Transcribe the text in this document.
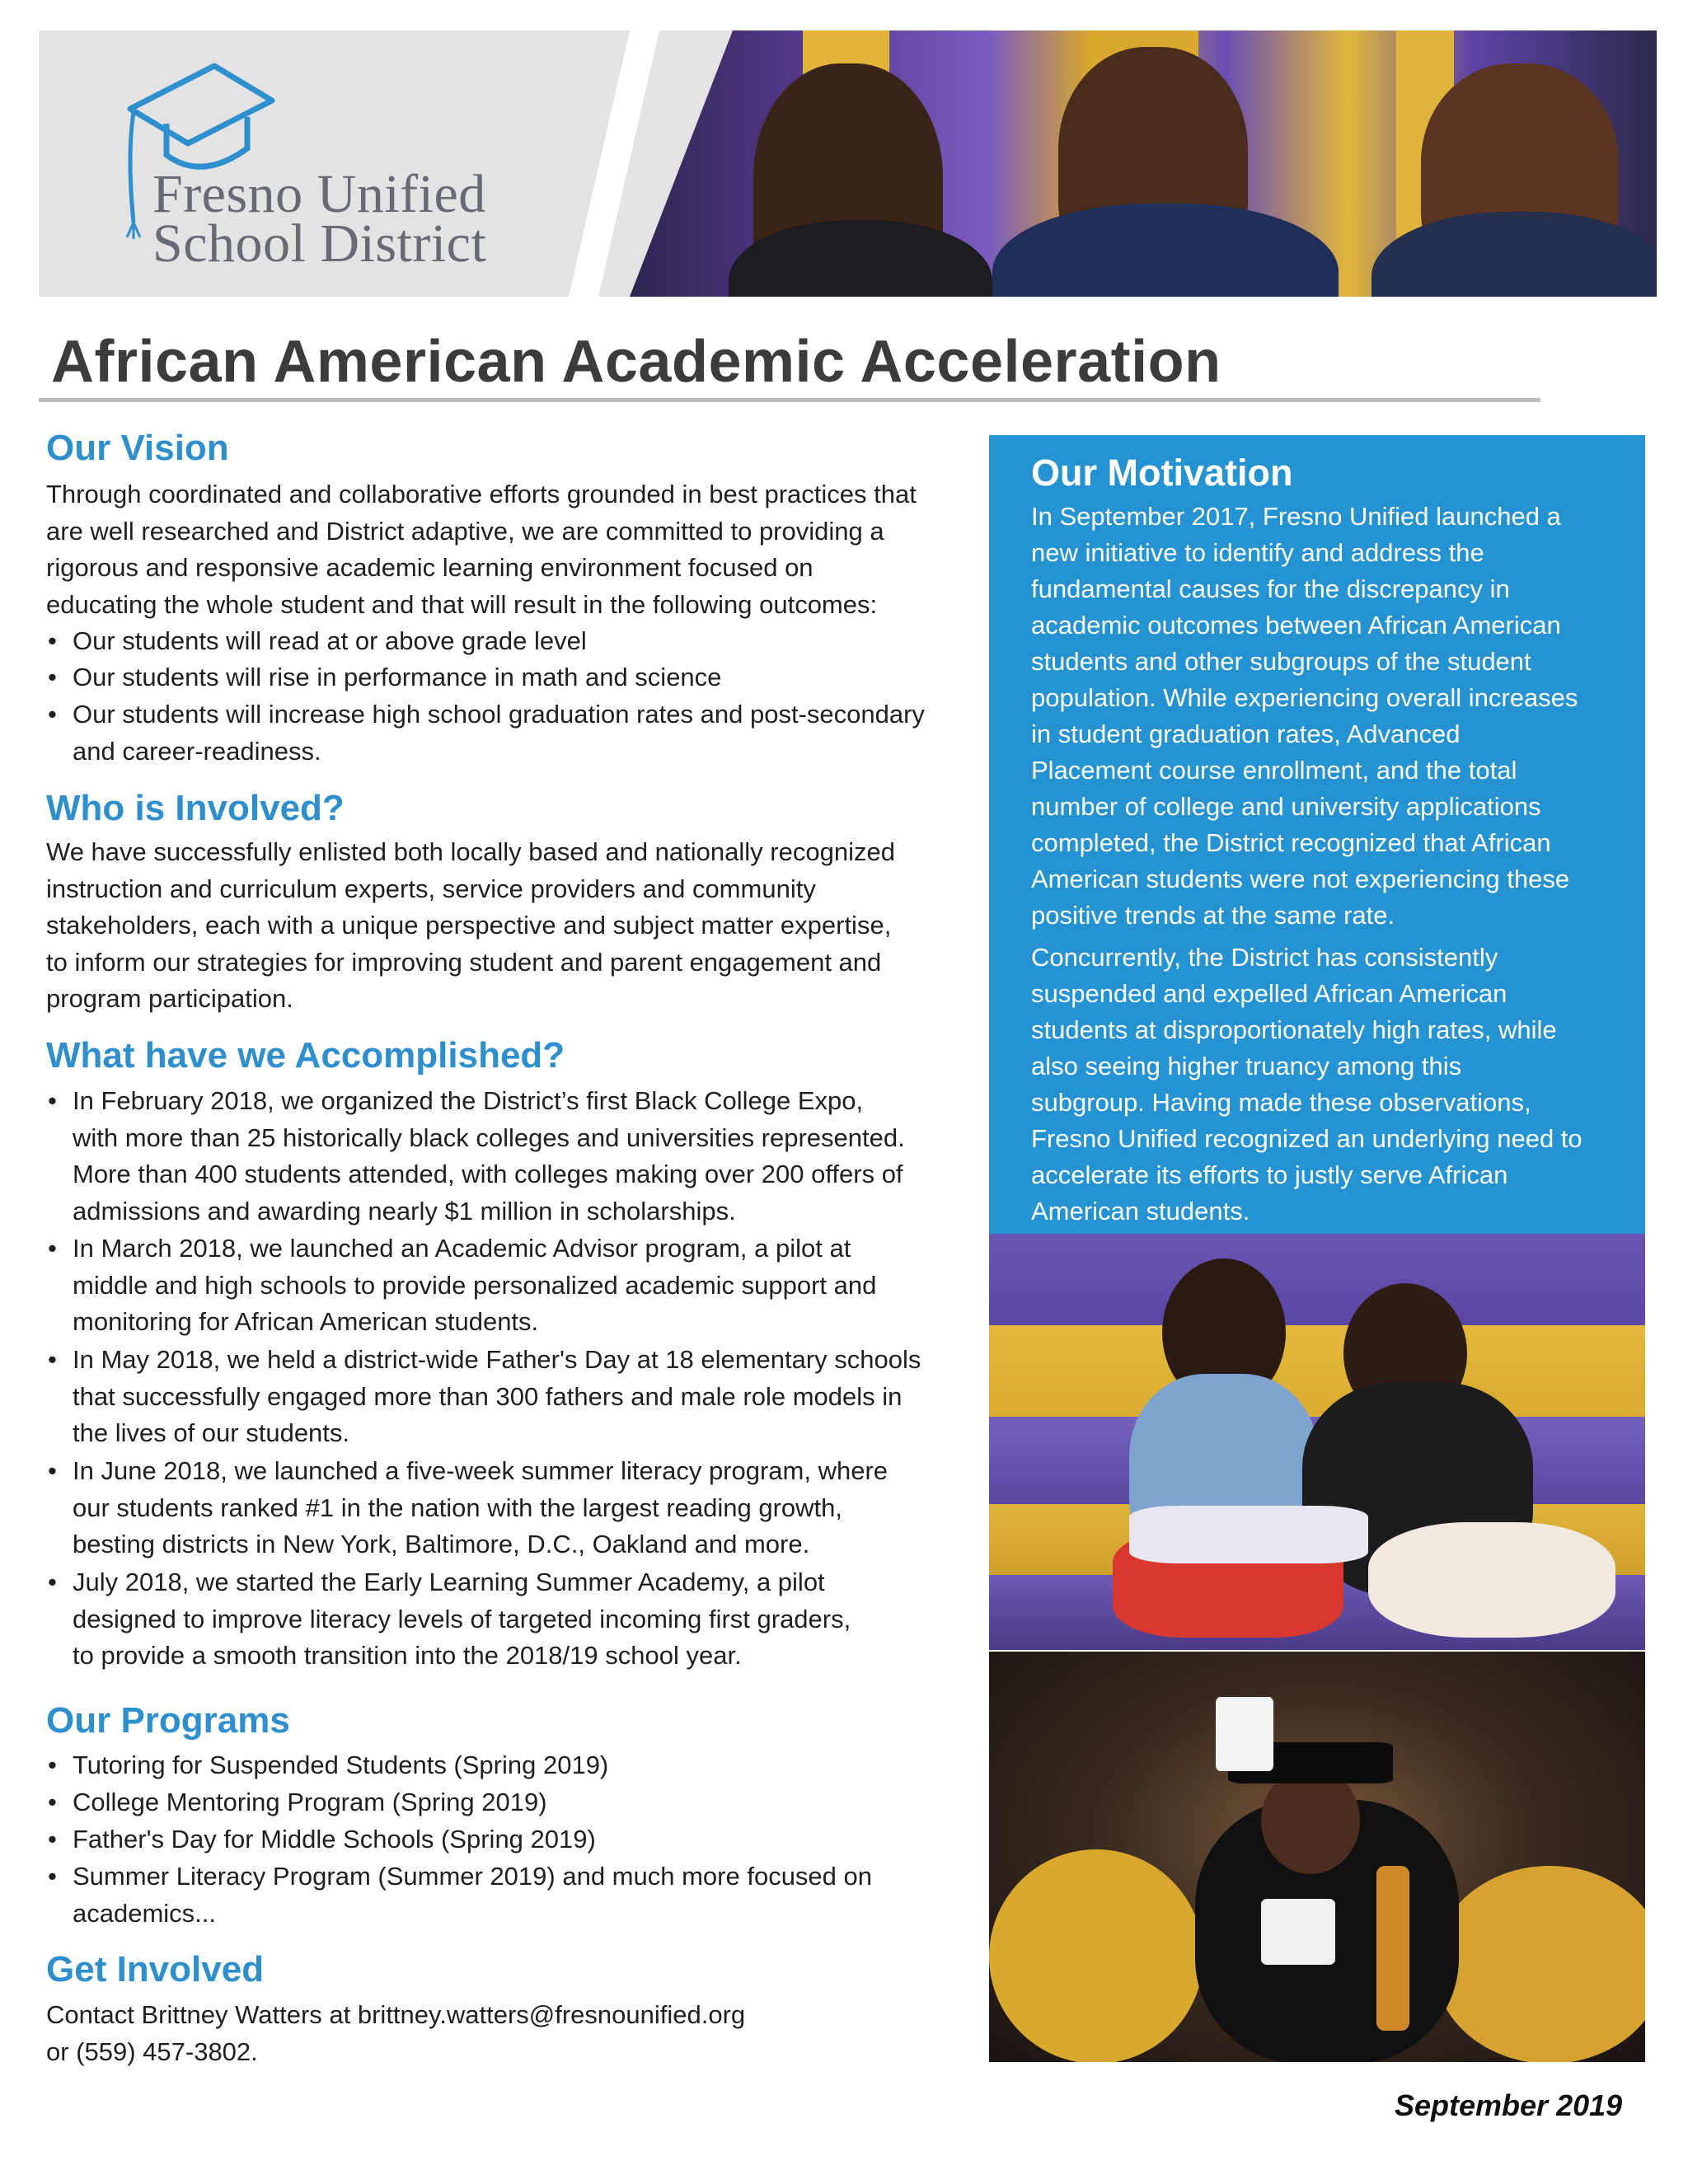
Fresno Unified
School District
African American Academic Acceleration
Our Vision
Through coordinated and collaborative efforts grounded in best practices that
are well researched and District adaptive, we are committed to providing a
rigorous and responsive academic learning environment focused on
educating the whole student and that will result in the following outcomes:
• Our students will read at or above grade level
• Our students will rise in performance in math and science
• Our students will increase high school graduation rates and post-secondary
and career-readiness.
Who is Involved?
We have successfully enlisted both locally based and nationally recognized
instruction and curriculum experts, service providers and community
stakeholders, each with a unique perspective and subject matter expertise,
to inform our strategies for improving student and parent engagement and
program participation.
What have we Accomplished?
• In February 2018, we organized the District’s first Black College Expo,
with more than 25 historically black colleges and universities represented.
More than 400 students attended, with colleges making over 200 offers of
admissions and awarding nearly $1 million in scholarships.
• In March 2018, we launched an Academic Advisor program, a pilot at
middle and high schools to provide personalized academic support and
monitoring for African American students.
• In May 2018, we held a district-wide Father's Day at 18 elementary schools
that successfully engaged more than 300 fathers and male role models in
the lives of our students.
• In June 2018, we launched a five-week summer literacy program, where
our students ranked #1 in the nation with the largest reading growth,
besting districts in New York, Baltimore, D.C., Oakland and more.
• July 2018, we started the Early Learning Summer Academy, a pilot
designed to improve literacy levels of targeted incoming first graders,
to provide a smooth transition into the 2018/19 school year.
Our Programs
• Tutoring for Suspended Students (Spring 2019)
• College Mentoring Program (Spring 2019)
• Father's Day for Middle Schools (Spring 2019)
• Summer Literacy Program (Summer 2019) and much more focused on
academics...
Get Involved
Contact Brittney Watters at brittney.watters@fresnounified.org
or (559) 457-3802.
Our Motivation
In September 2017, Fresno Unified launched a
new initiative to identify and address the
fundamental causes for the discrepancy in
academic outcomes between African American
students and other subgroups of the student
population. While experiencing overall increases
in student graduation rates, Advanced
Placement course enrollment, and the total
number of college and university applications
completed, the District recognized that African
American students were not experiencing these
positive trends at the same rate.
Concurrently, the District has consistently
suspended and expelled African American
students at disproportionately high rates, while
also seeing higher truancy among this
subgroup. Having made these observations,
Fresno Unified recognized an underlying need to
accelerate its efforts to justly serve African
American students.
September 2019
